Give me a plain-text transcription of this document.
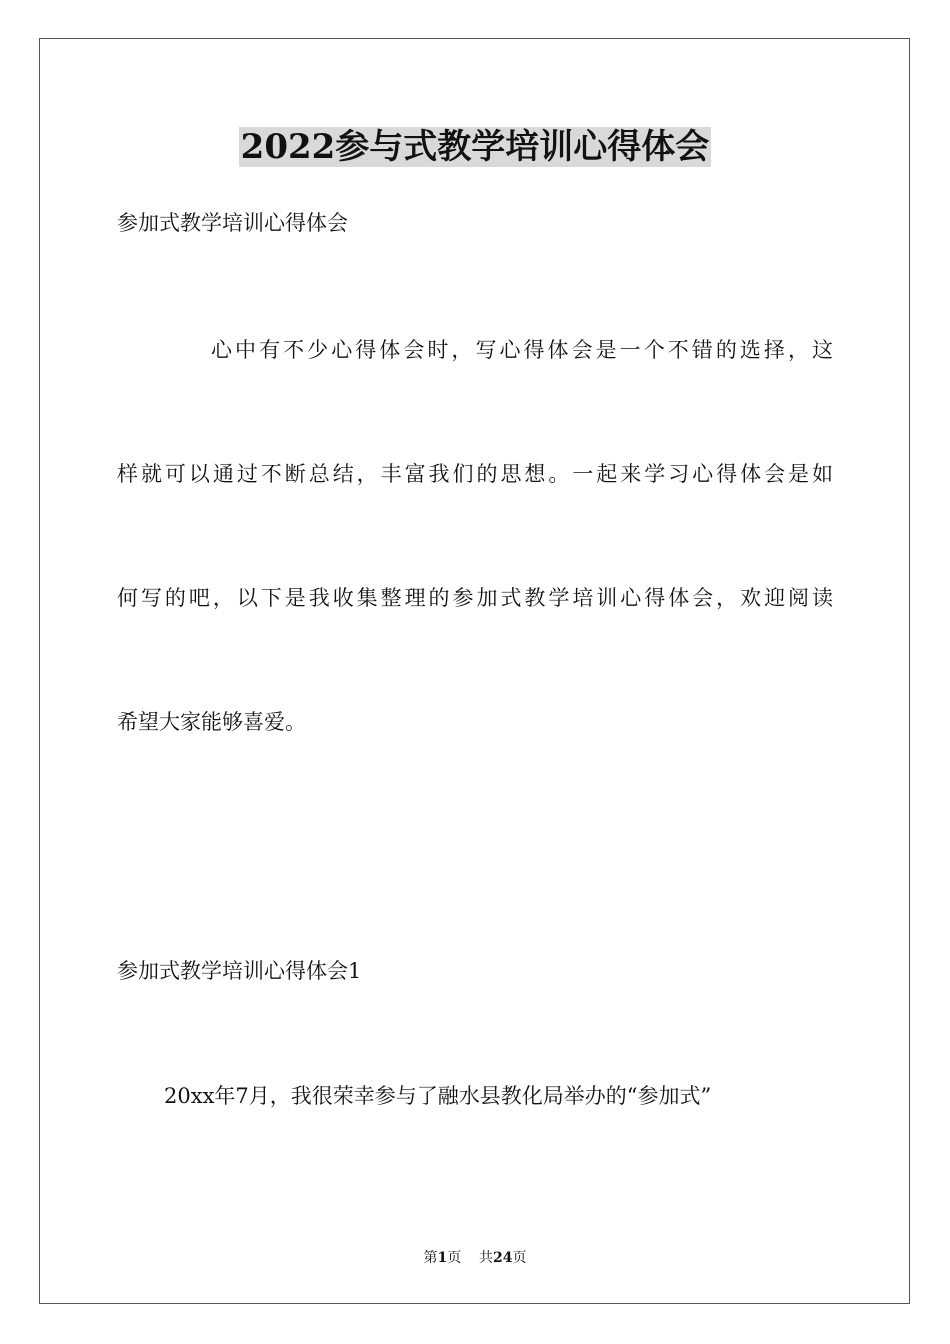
2022参与式教学培训心得体会
参加式教学培训心得体会
心中有不少心得体会时，写心得体会是一个不错的选择，这
样就可以通过不断总结，丰富我们的思想。一起来学习心得体会是如
何写的吧，以下是我收集整理的参加式教学培训心得体会，欢迎阅读
希望大家能够喜爱。
参加式教学培训心得体会1
20xx年7月，我很荣幸参与了融水县教化局举办的“参加式”
第1页 共24页
